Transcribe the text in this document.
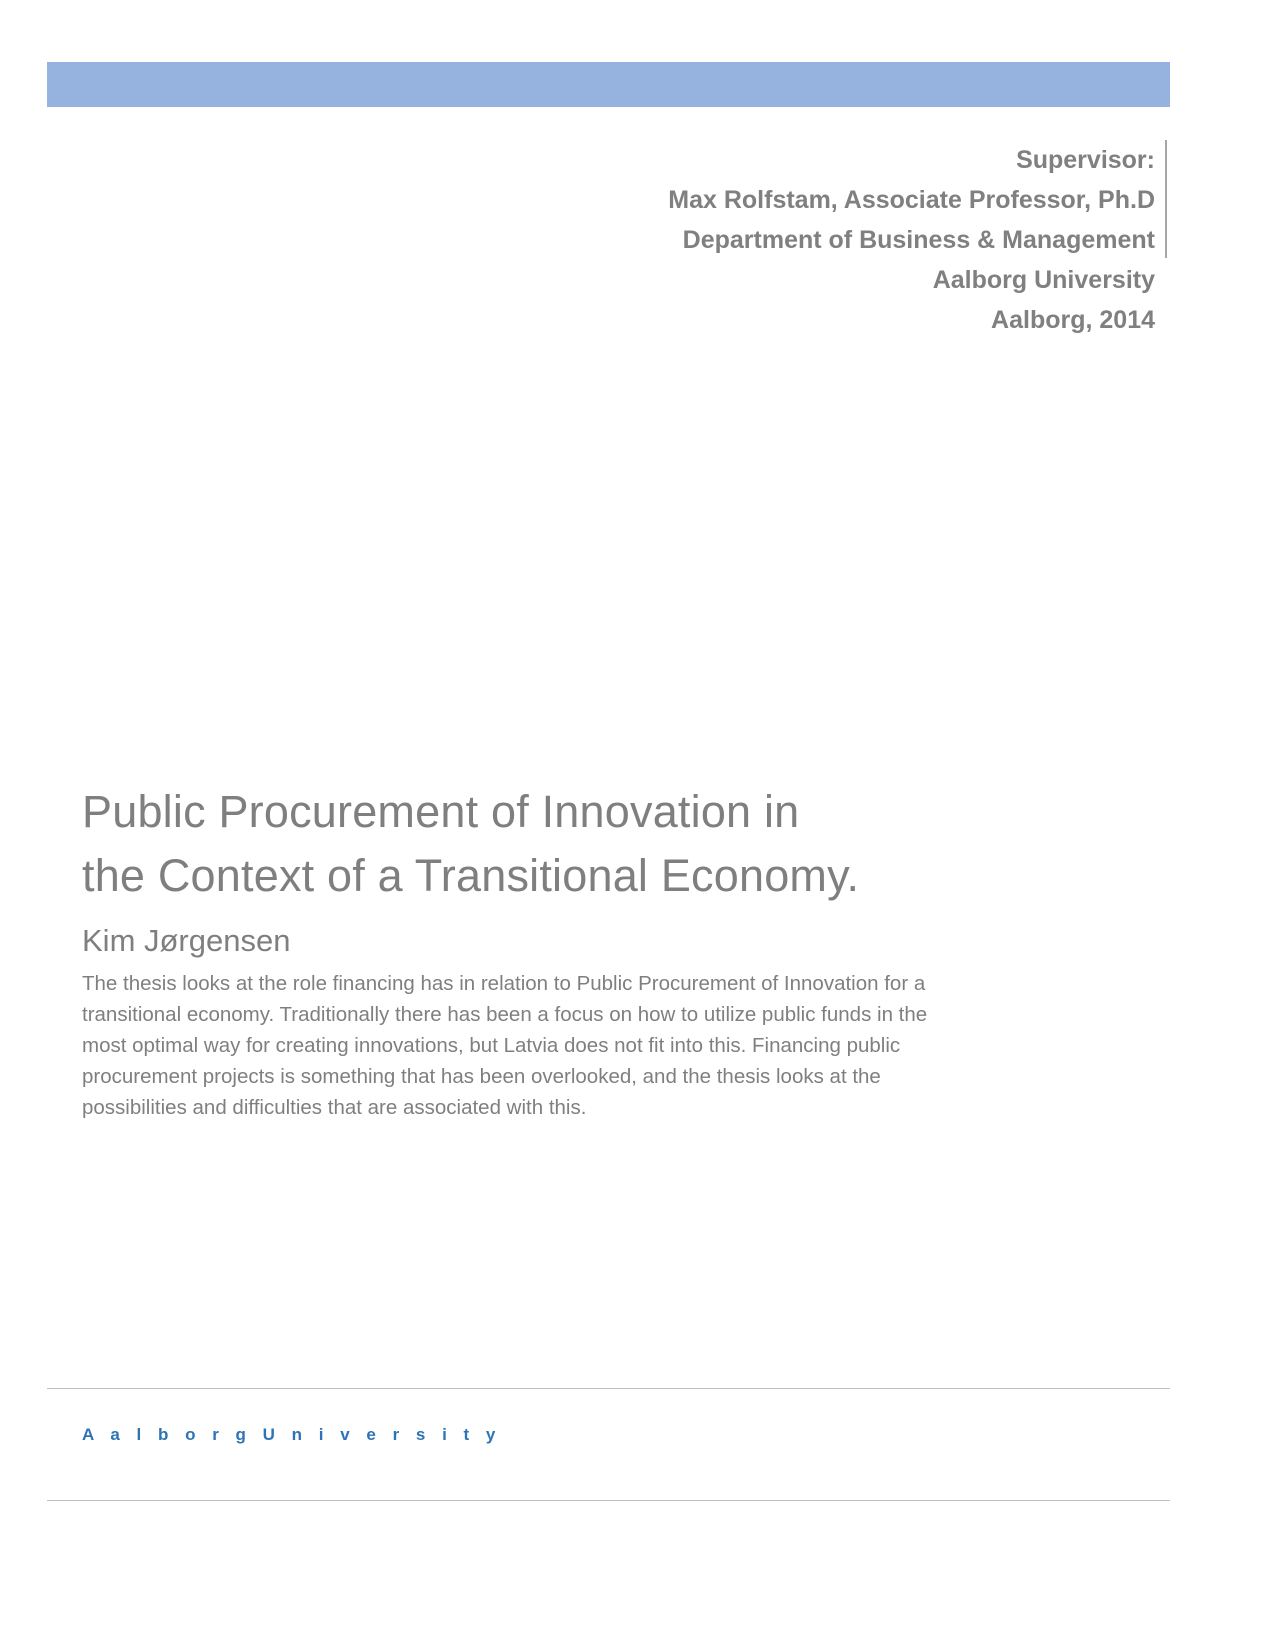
Supervisor:
Max Rolfstam, Associate Professor, Ph.D
Department of Business & Management
Aalborg University
Aalborg, 2014
Public Procurement of Innovation in
the Context of a Transitional Economy.
Kim Jørgensen

The thesis looks at the role financing has in relation to Public Procurement of Innovation for a transitional economy. Traditionally there has been a focus on how to utilize public funds in the most optimal way for creating innovations, but Latvia does not fit into this. Financing public procurement projects is something that has been overlooked, and the thesis looks at the possibilities and difficulties that are associated with this.

A a l b o r g U n i v e r s i t y
